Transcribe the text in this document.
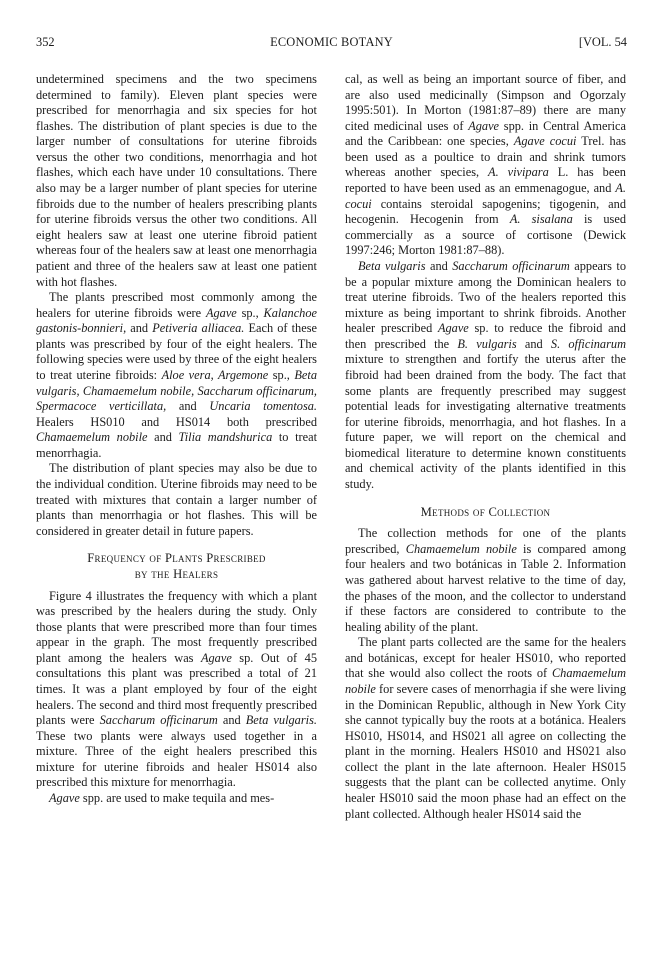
352	ECONOMIC BOTANY	[VOL. 54

undetermined specimens and the two specimens determined to family). Eleven plant species were prescribed for menorrhagia and six species for hot flashes. The distribution of plant species is due to the larger number of consultations for uterine fibroids versus the other two conditions, menorrhagia and hot flashes, which each have under 10 consultations. There also may be a larger number of plant species for uterine fibroids due to the number of healers prescribing plants for uterine fibroids versus the other two conditions. All eight healers saw at least one uterine fibroid patient whereas four of the healers saw at least one menorrhagia patient and three of the healers saw at least one patient with hot flashes.

The plants prescribed most commonly among the healers for uterine fibroids were Agave sp., Kalanchoe gastonis-bonnieri, and Petiveria alliacea. Each of these plants was prescribed by four of the eight healers. The following species were used by three of the eight healers to treat uterine fibroids: Aloe vera, Argemone sp., Beta vulgaris, Chamaemelum nobile, Saccharum officinarum, Spermacoce verticillata, and Uncaria tomentosa. Healers HS010 and HS014 both prescribed Chamaemelum nobile and Tilia mandshurica to treat menorrhagia.

The distribution of plant species may also be due to the individual condition. Uterine fibroids may need to be treated with mixtures that contain a larger number of plants than menorrhagia or hot flashes. This will be considered in greater detail in future papers.

Frequency of Plants Prescribed
by the Healers

Figure 4 illustrates the frequency with which a plant was prescribed by the healers during the study. Only those plants that were prescribed more than four times appear in the graph. The most frequently prescribed plant among the healers was Agave sp. Out of 45 consultations this plant was prescribed a total of 21 times. It was a plant employed by four of the eight healers. The second and third most frequently prescribed plants were Saccharum officinarum and Beta vulgaris. These two plants were always used together in a mixture. Three of the eight healers prescribed this mixture for uterine fibroids and healer HS014 also prescribed this mixture for menorrhagia.

Agave spp. are used to make tequila and mes-

cal, as well as being an important source of fiber, and are also used medicinally (Simpson and Ogorzaly 1995:501). In Morton (1981:87–89) there are many cited medicinal uses of Agave spp. in Central America and the Caribbean: one species, Agave cocui Trel. has been used as a poultice to drain and shrink tumors whereas another species, A. vivipara L. has been reported to have been used as an emmenagogue, and A. cocui contains steroidal sapogenins; tigogenin, and hecogenin. Hecogenin from A. sisalana is used commercially as a source of cortisone (Dewick 1997:246; Morton 1981:87–88).

Beta vulgaris and Saccharum officinarum appears to be a popular mixture among the Dominican healers to treat uterine fibroids. Two of the healers reported this mixture as being important to shrink fibroids. Another healer prescribed Agave sp. to reduce the fibroid and then prescribed the B. vulgaris and S. officinarum mixture to strengthen and fortify the uterus after the fibroid had been drained from the body. The fact that some plants are frequently prescribed may suggest potential leads for investigating alternative treatments for uterine fibroids, menorrhagia, and hot flashes. In a future paper, we will report on the chemical and biomedical literature to determine known constituents and chemical activity of the plants identified in this study.

Methods of Collection

The collection methods for one of the plants prescribed, Chamaemelum nobile is compared among four healers and two botánicas in Table 2. Information was gathered about harvest relative to the time of day, the phases of the moon, and the collector to understand if these factors are considered to contribute to the healing ability of the plant.

The plant parts collected are the same for the healers and botánicas, except for healer HS010, who reported that she would also collect the roots of Chamaemelum nobile for severe cases of menorrhagia if she were living in the Dominican Republic, although in New York City she cannot typically buy the roots at a botánica. Healers HS010, HS014, and HS021 all agree on collecting the plant in the morning. Healers HS010 and HS021 also collect the plant in the late afternoon. Healer HS015 suggests that the plant can be collected anytime. Only healer HS010 said the moon phase had an effect on the plant collected. Although healer HS014 said the
